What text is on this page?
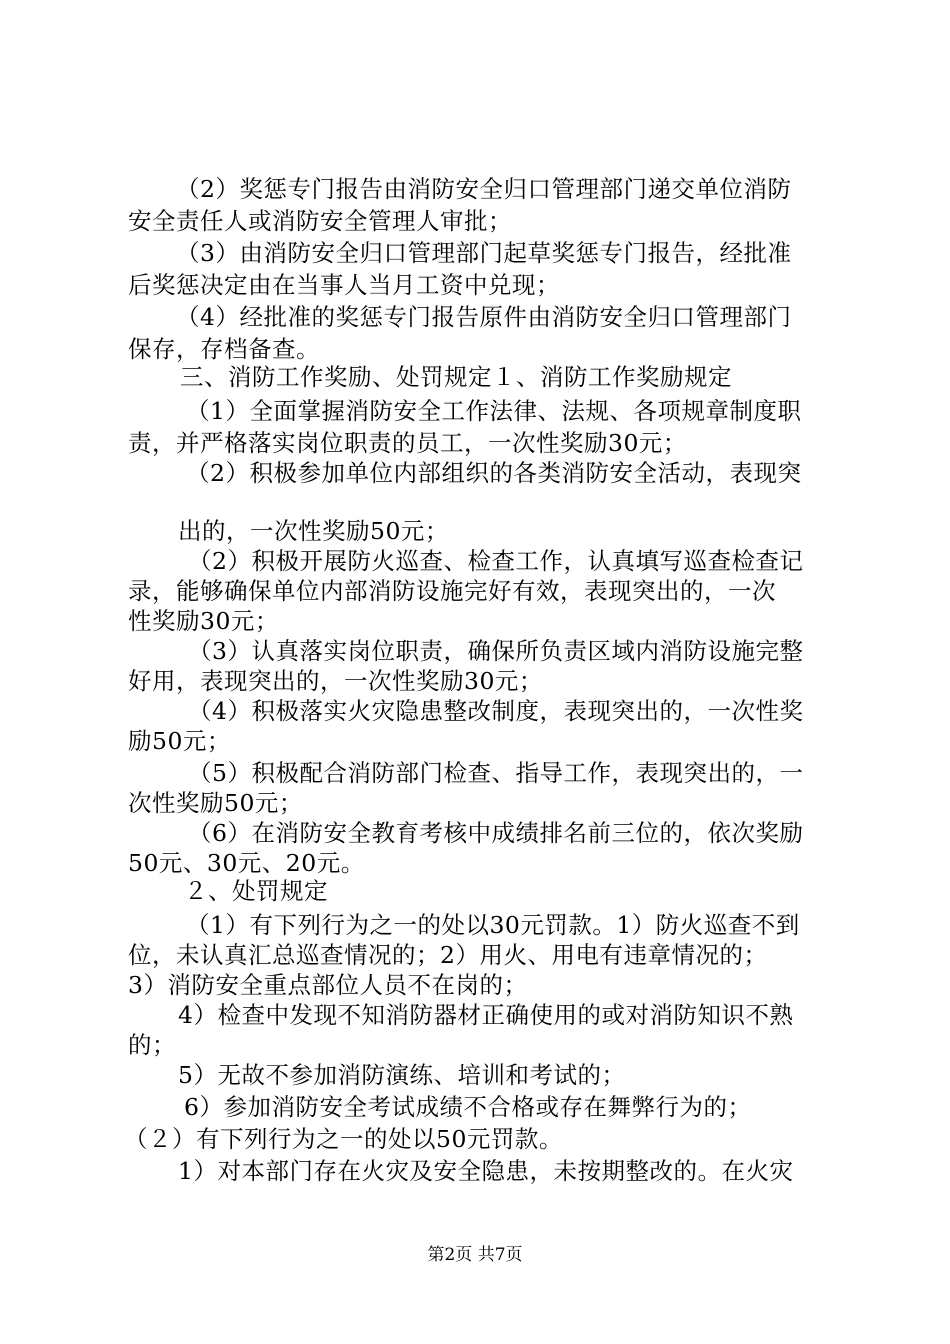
（2）奖惩专门报告由消防安全归口管理部门递交单位消防
安全责任人或消防安全管理人审批；
（3）由消防安全归口管理部门起草奖惩专门报告，经批准
后奖惩决定由在当事人当月工资中兑现；
（4）经批准的奖惩专门报告原件由消防安全归口管理部门
保存，存档备查。
三、消防工作奖励、处罚规定１、消防工作奖励规定
（1）全面掌握消防安全工作法律、法规、各项规章制度职
责，并严格落实岗位职责的员工，一次性奖励30元；
（2）积极参加单位内部组织的各类消防安全活动，表现突
出的，一次性奖励50元；
（2）积极开展防火巡查、检查工作，认真填写巡查检查记
录，能够确保单位内部消防设施完好有效，表现突出的，一次
性奖励30元；
（3）认真落实岗位职责，确保所负责区域内消防设施完整
好用，表现突出的，一次性奖励30元；
（4）积极落实火灾隐患整改制度，表现突出的，一次性奖
励50元；
（5）积极配合消防部门检查、指导工作，表现突出的，一
次性奖励50元；
（6）在消防安全教育考核中成绩排名前三位的，依次奖励
50元、30元、20元。
２、处罚规定
（1）有下列行为之一的处以30元罚款。1）防火巡查不到
位，未认真汇总巡查情况的；2）用火、用电有违章情况的；
3）消防安全重点部位人员不在岗的；
4）检查中发现不知消防器材正确使用的或对消防知识不熟
的；
5）无故不参加消防演练、培训和考试的；
6）参加消防安全考试成绩不合格或存在舞弊行为的；
（２）有下列行为之一的处以50元罚款。
1）对本部门存在火灾及安全隐患，未按期整改的。在火灾
第2页 共7页
